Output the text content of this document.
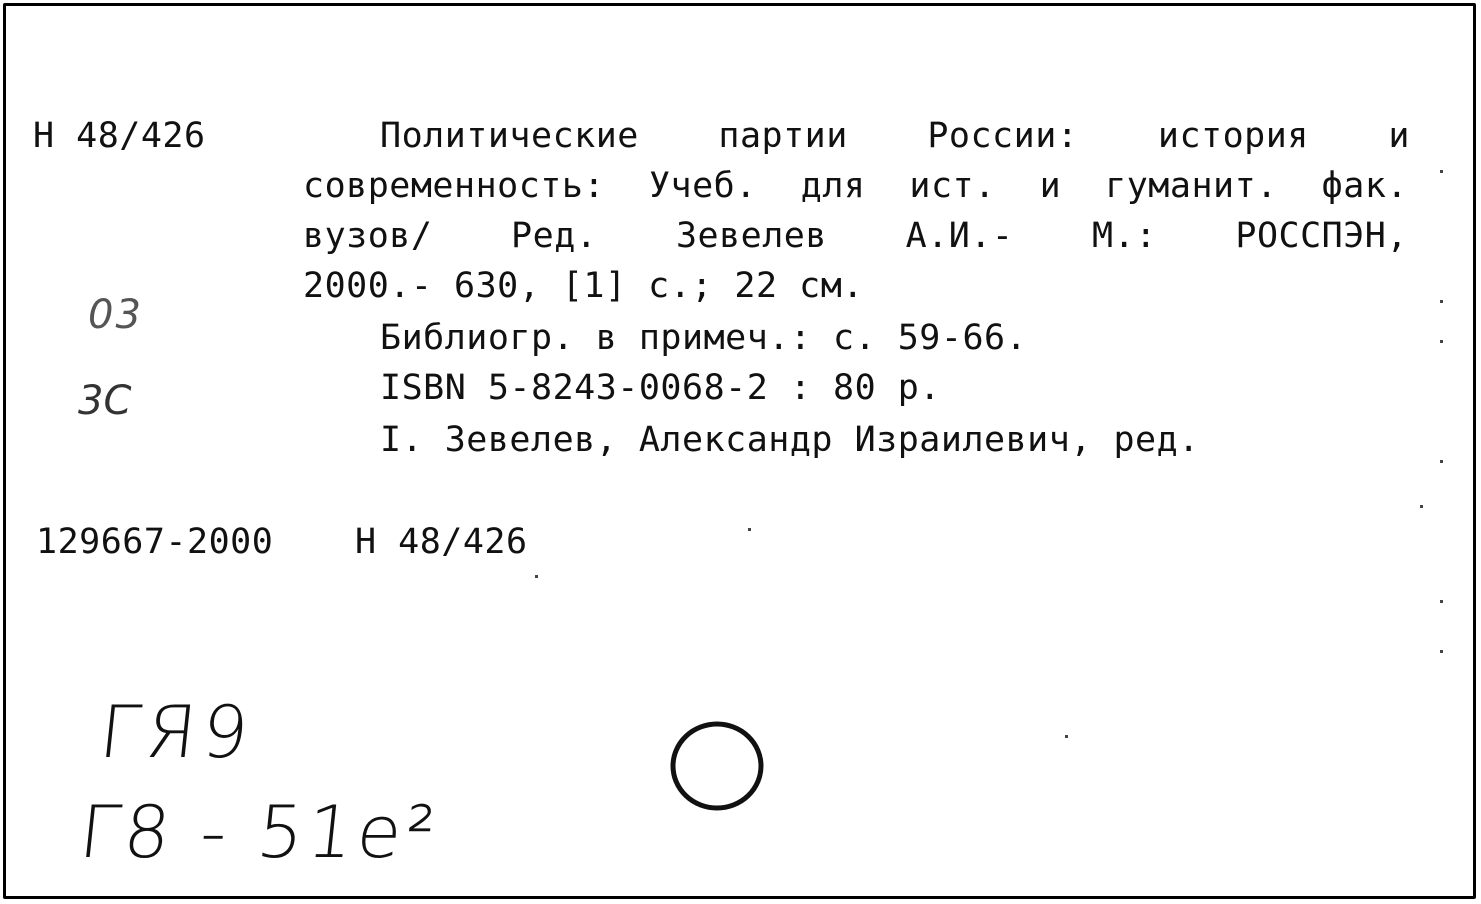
Н 48/426	Политические партии России: история и
современность: Учеб. для ист. и гуманит. фак.
вузов/ Ред. Зевелев А.И.- М.: РОССПЭН,
2000.- 630, [1] с.; 22 см.
Библиогр. в примеч.: с. 59-66.
ISBN 5-8243-0068-2 : 80 р.
I. Зевелев, Александр Израилевич, ред.
129667-2000 Н 48/426
03
3С
ГЯ9
Г8 - 51е²
